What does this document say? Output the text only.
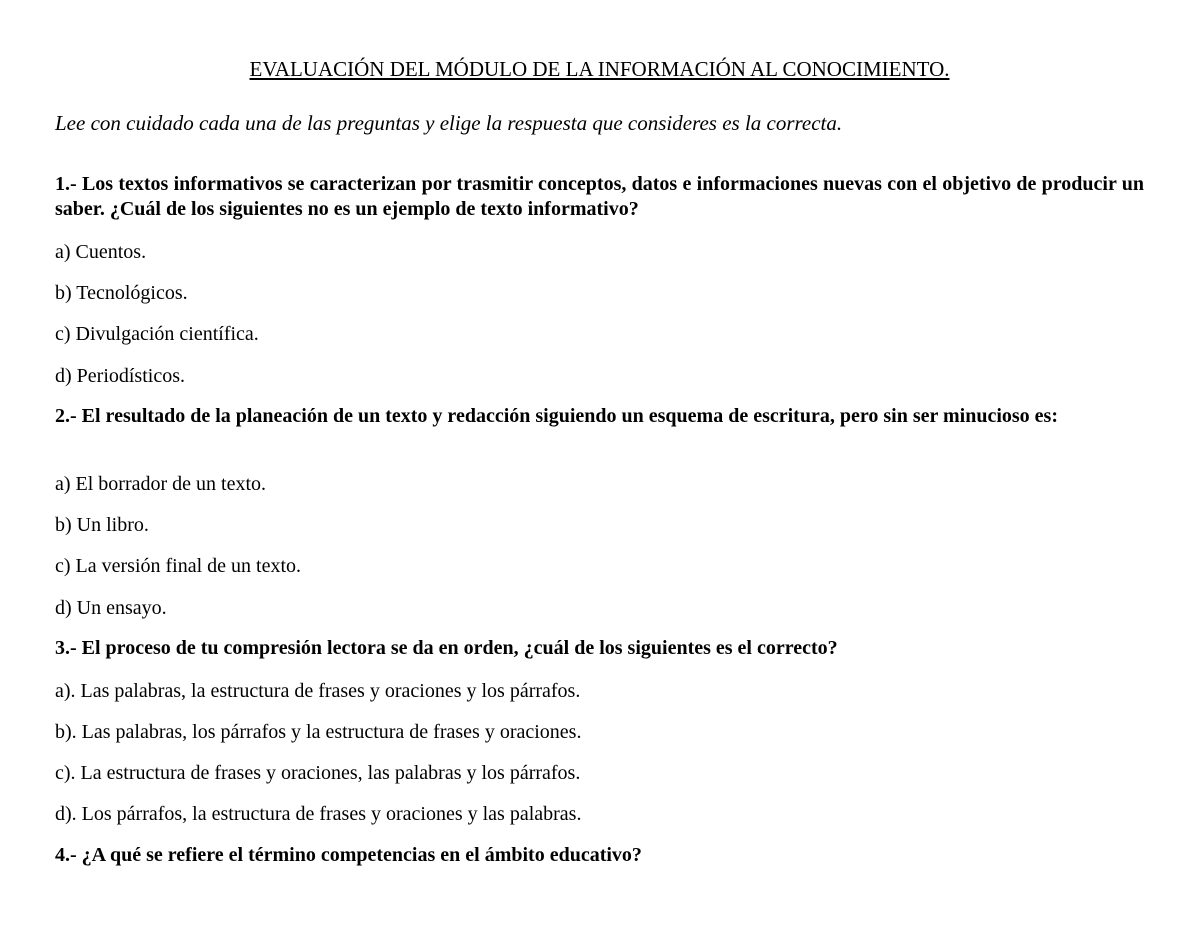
EVALUACIÓN DEL MÓDULO DE LA INFORMACIÓN AL CONOCIMIENTO.
Lee con cuidado cada una de las preguntas y elige la respuesta que consideres es la correcta.
1.- Los textos informativos se caracterizan por trasmitir conceptos, datos e informaciones nuevas con el objetivo de producir un saber. ¿Cuál de los siguientes no es un ejemplo de texto informativo?
a) Cuentos.
b) Tecnológicos.
c) Divulgación científica.
d) Periodísticos.
2.- El resultado de la planeación de un texto y redacción siguiendo un esquema de escritura, pero sin ser minucioso es:
a) El borrador de un texto.
b) Un libro.
c) La versión final de un texto.
d) Un ensayo.
3.- El proceso de tu compresión lectora se da en orden, ¿cuál de los siguientes es el correcto?
a). Las palabras, la estructura de frases y oraciones y los párrafos.
b). Las palabras, los párrafos y la estructura de frases y oraciones.
c). La estructura de frases y oraciones, las palabras y los párrafos.
d). Los párrafos, la estructura de frases y oraciones y las palabras.
4.- ¿A qué se refiere el término competencias en el ámbito educativo?
